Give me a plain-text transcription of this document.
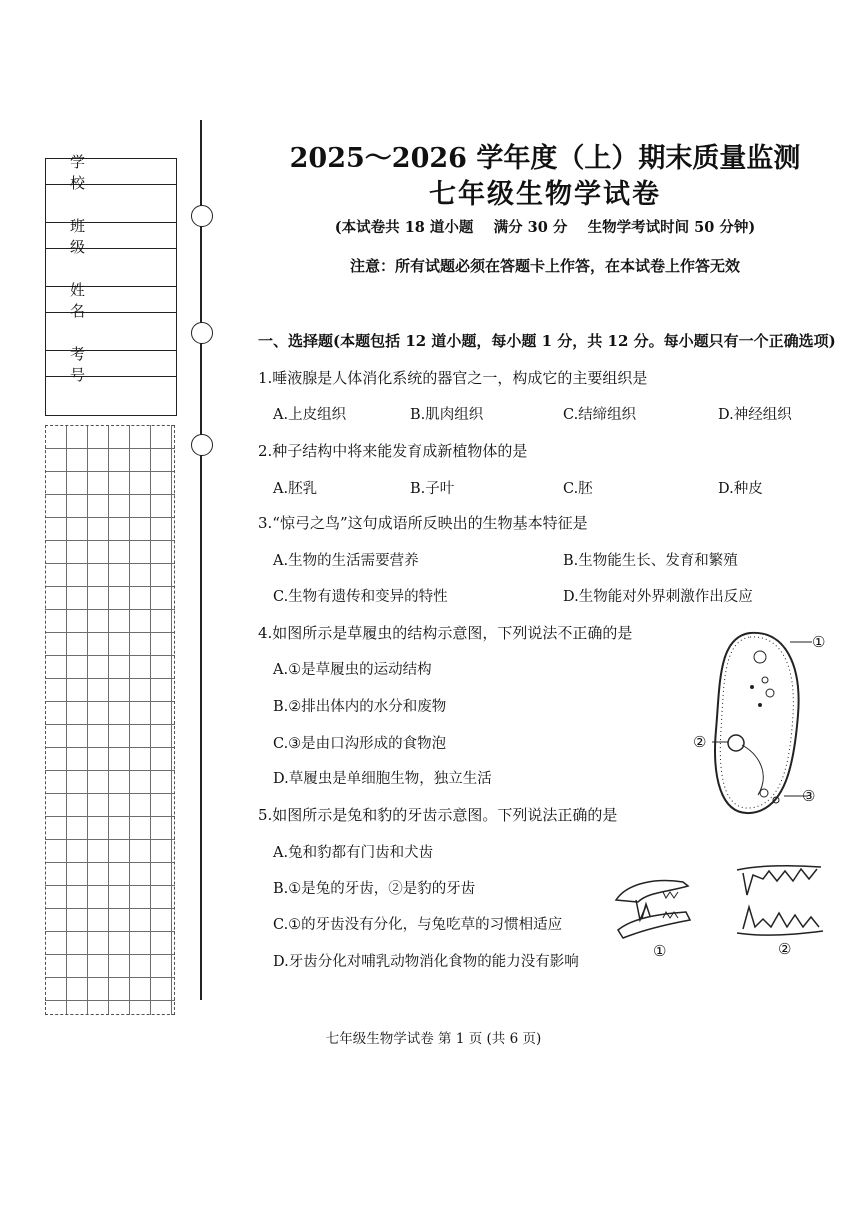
学 校
班 级
姓 名
考 号
2025～2026 学年度（上）期末质量监测
七年级生物学试卷
(本试卷共 18 道小题    满分 30 分    生物学考试时间 50 分钟)
注意：所有试题必须在答题卡上作答，在本试卷上作答无效
一、选择题(本题包括 12 道小题，每小题 1 分，共 12 分。每小题只有一个正确选项)
1.唾液腺是人体消化系统的器官之一，构成它的主要组织是
A.上皮组织	B.肌肉组织	C.结缔组织	D.神经组织
2.种子结构中将来能发育成新植物体的是
A.胚乳	B.子叶	C.胚	D.种皮
3.“惊弓之鸟”这句成语所反映出的生物基本特征是
A.生物的生活需要营养	B.生物能生长、发育和繁殖
C.生物有遗传和变异的特性	D.生物能对外界刺激作出反应
4.如图所示是草履虫的结构示意图，下列说法不正确的是
A.①是草履虫的运动结构
B.②排出体内的水分和废物
C.③是由口沟形成的食物泡
D.草履虫是单细胞生物，独立生活
①
②
③
5.如图所示是兔和豹的牙齿示意图。下列说法正确的是
A.兔和豹都有门齿和犬齿
B.①是兔的牙齿，②是豹的牙齿
C.①的牙齿没有分化，与兔吃草的习惯相适应
D.牙齿分化对哺乳动物消化食物的能力没有影响
①	②
七年级生物学试卷 第 1 页 (共 6 页)
